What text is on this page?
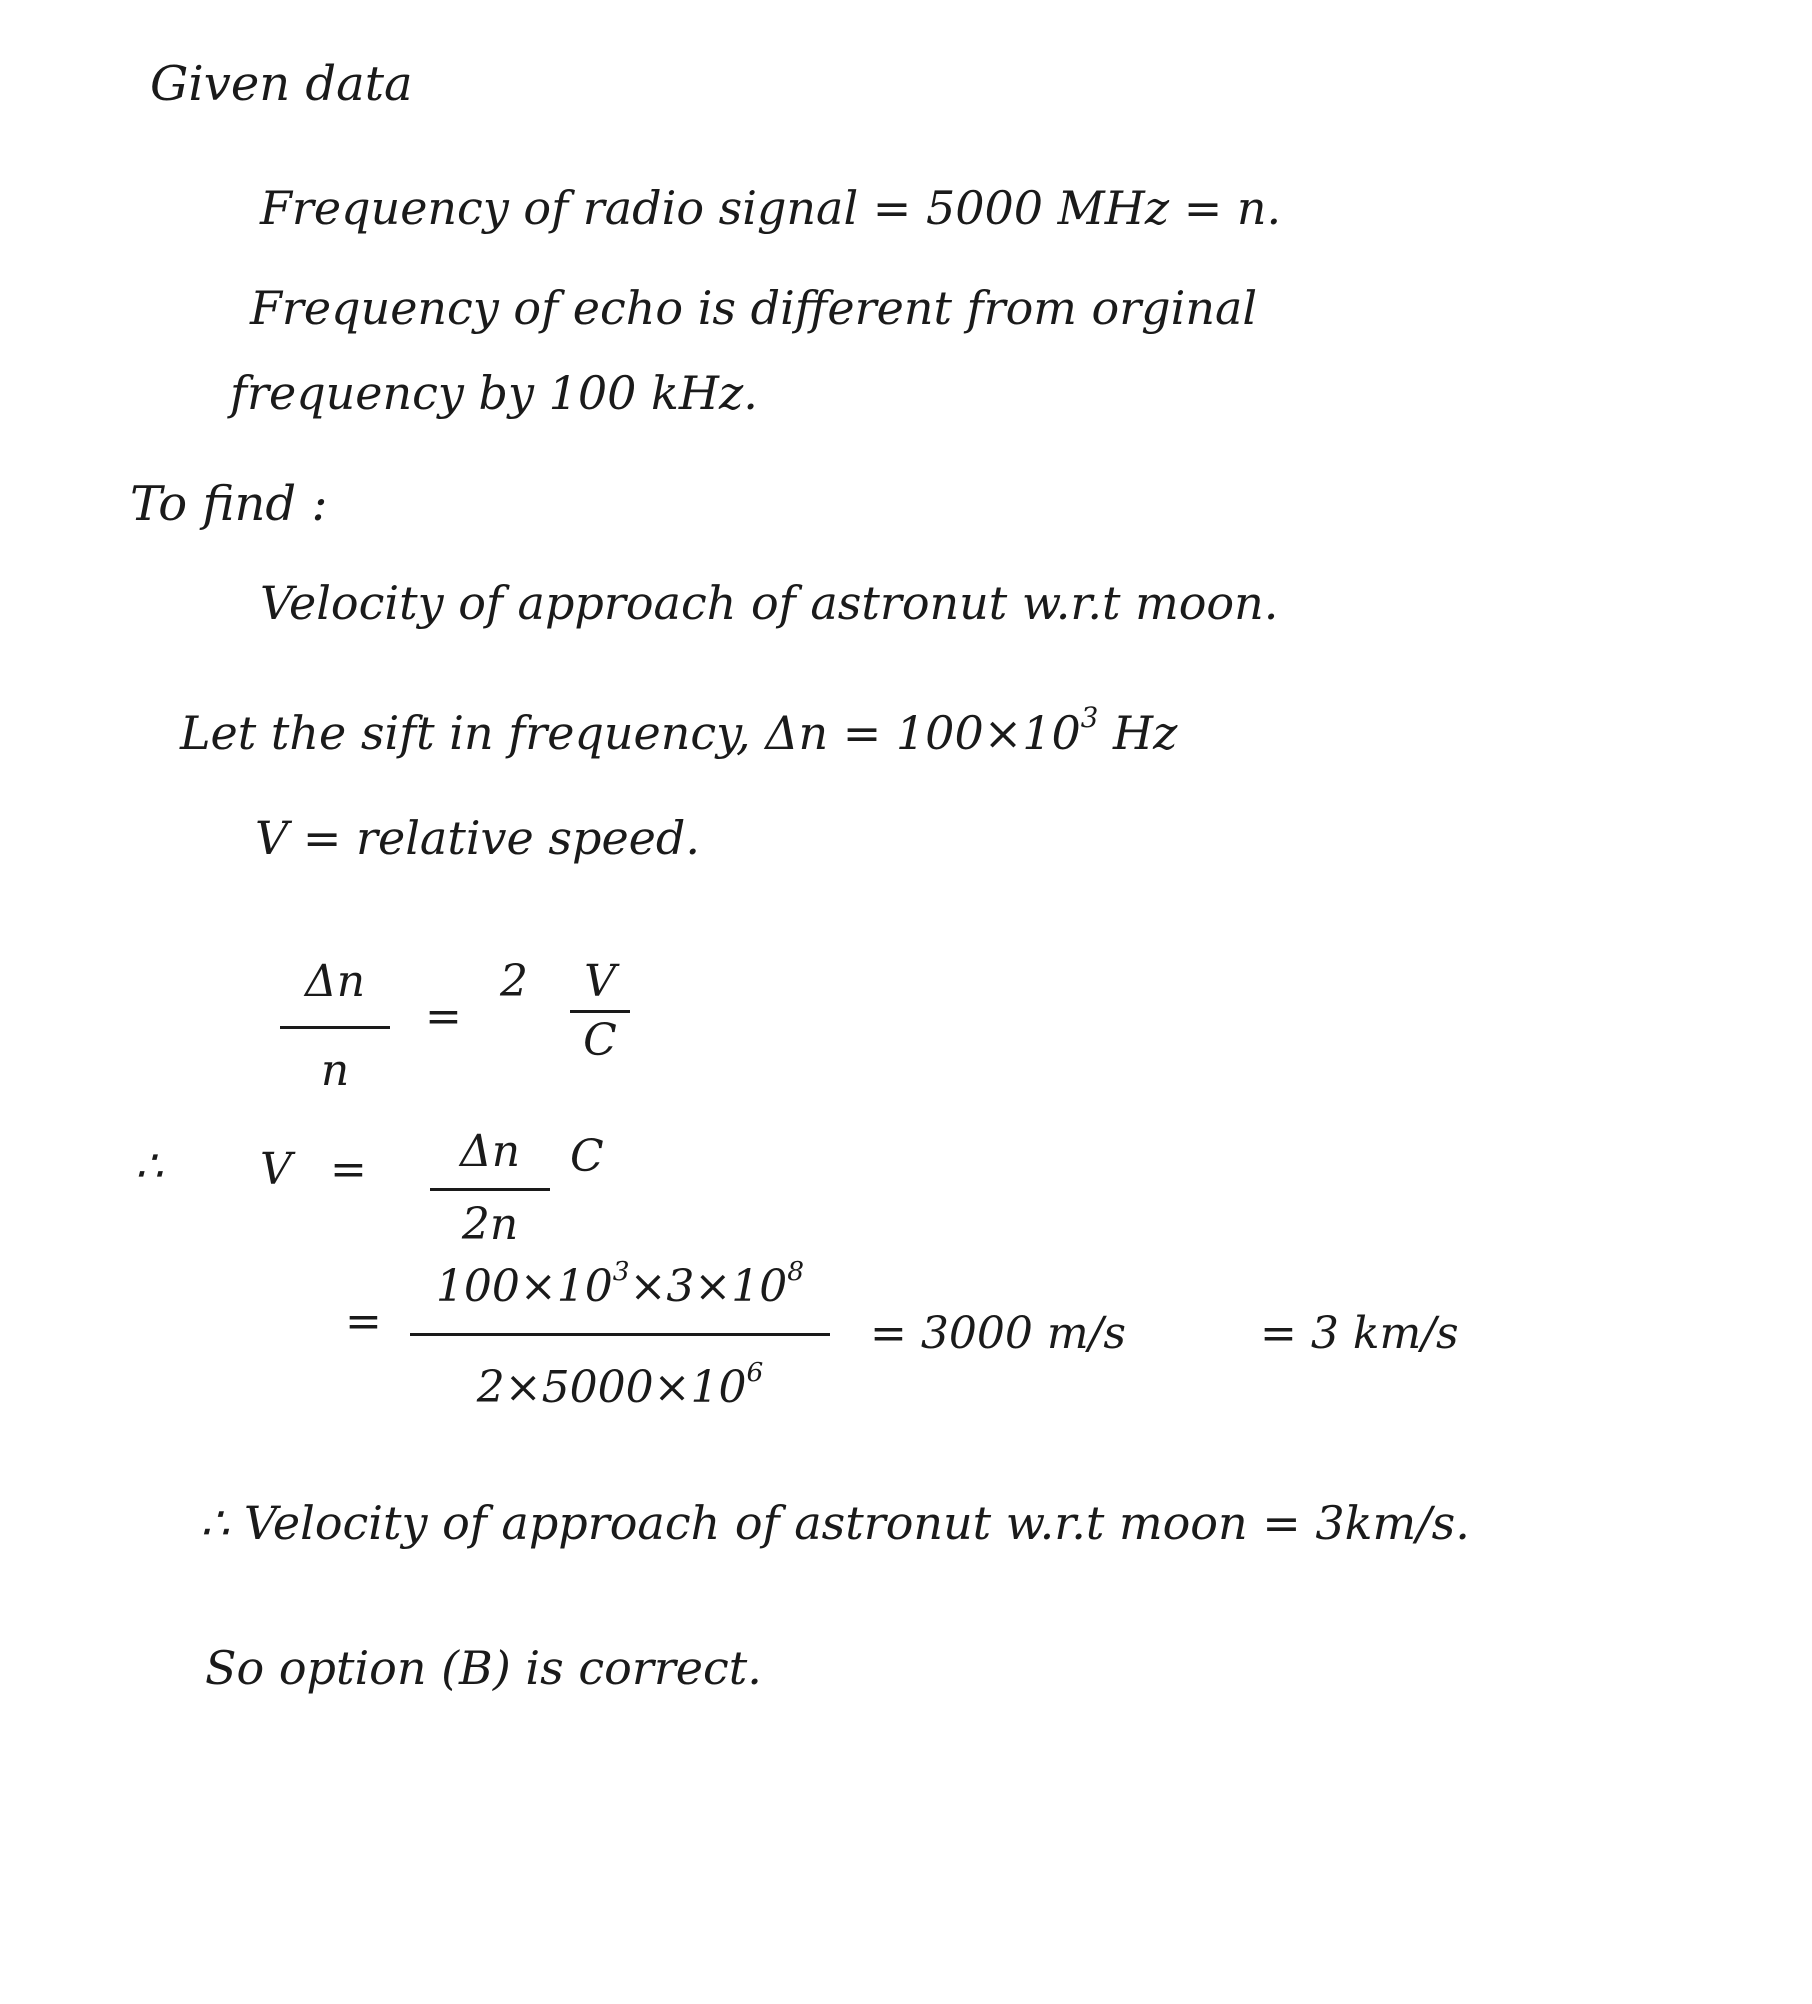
Given data
Frequency of radio signal = 5000 MHz = n.
Frequency of echo is different from orginal
frequency by 100 kHz.
To find :
Velocity of approach of astronut w.r.t moon.
Let the sift in frequency, $\Delta n = 100\times 10^3$ Hz
V = relative speed.
Δn
n
=
2 V
C
∴ V = Δn
2n
C
=
$100\times 10^3\times 3\times 10^8$
$2\times 5000\times 10^6$
= 3000 m/s	= 3 km/s
∴ Velocity of approach of astronut w.r.t moon = 3km/s.
So option (B) is correct.
